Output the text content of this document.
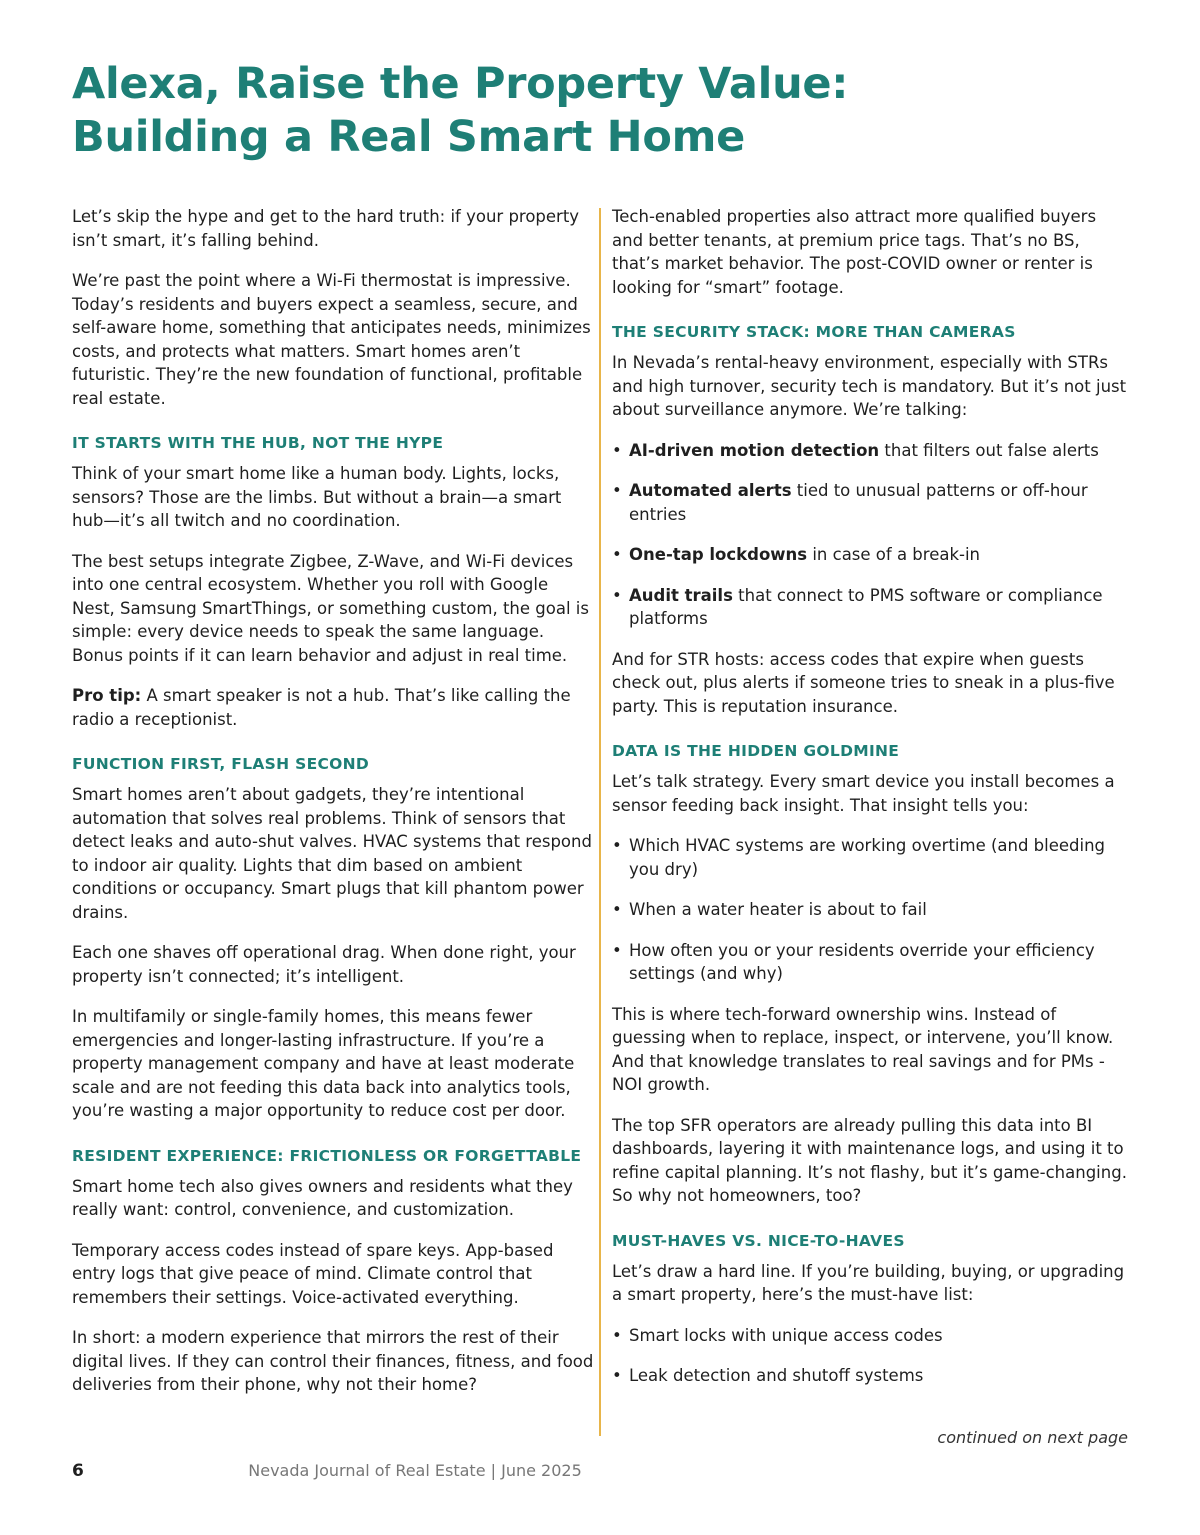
Alexa, Raise the Property Value:
Building a Real Smart Home

Let’s skip the hype and get to the hard truth: if your property isn’t smart, it’s falling behind.

We’re past the point where a Wi-Fi thermostat is impressive. Today’s residents and buyers expect a seamless, secure, and self-aware home, something that anticipates needs, minimizes costs, and protects what matters. Smart homes aren’t futuristic. They’re the new foundation of functional, profitable real estate.

IT STARTS WITH THE HUB, NOT THE HYPE

Think of your smart home like a human body. Lights, locks, sensors? Those are the limbs. But without a brain—a smart hub—it’s all twitch and no coordination.

The best setups integrate Zigbee, Z-Wave, and Wi-Fi devices into one central ecosystem. Whether you roll with Google Nest, Samsung SmartThings, or something custom, the goal is simple: every device needs to speak the same language. Bonus points if it can learn behavior and adjust in real time.

Pro tip: A smart speaker is not a hub. That’s like calling the radio a receptionist.

FUNCTION FIRST, FLASH SECOND

Smart homes aren’t about gadgets, they’re intentional automation that solves real problems. Think of sensors that detect leaks and auto-shut valves. HVAC systems that respond to indoor air quality. Lights that dim based on ambient conditions or occupancy. Smart plugs that kill phantom power drains.

Each one shaves off operational drag. When done right, your property isn’t connected; it’s intelligent.

In multifamily or single-family homes, this means fewer emergencies and longer-lasting infrastructure. If you’re a property management company and have at least moderate scale and are not feeding this data back into analytics tools, you’re wasting a major opportunity to reduce cost per door.

RESIDENT EXPERIENCE: FRICTIONLESS OR FORGETTABLE

Smart home tech also gives owners and residents what they really want: control, convenience, and customization.

Temporary access codes instead of spare keys. App-based entry logs that give peace of mind. Climate control that remembers their settings. Voice-activated everything.

In short: a modern experience that mirrors the rest of their digital lives. If they can control their finances, fitness, and food deliveries from their phone, why not their home?

Tech-enabled properties also attract more qualified buyers and better tenants, at premium price tags. That’s no BS, that’s market behavior. The post-COVID owner or renter is looking for “smart” footage.

THE SECURITY STACK: MORE THAN CAMERAS

In Nevada’s rental-heavy environment, especially with STRs and high turnover, security tech is mandatory. But it’s not just about surveillance anymore. We’re talking:

• AI-driven motion detection that filters out false alerts
• Automated alerts tied to unusual patterns or off-hour entries
• One-tap lockdowns in case of a break-in
• Audit trails that connect to PMS software or compliance platforms

And for STR hosts: access codes that expire when guests check out, plus alerts if someone tries to sneak in a plus-five party. This is reputation insurance.

DATA IS THE HIDDEN GOLDMINE

Let’s talk strategy. Every smart device you install becomes a sensor feeding back insight. That insight tells you:

• Which HVAC systems are working overtime (and bleeding you dry)
• When a water heater is about to fail
• How often you or your residents override your efficiency settings (and why)

This is where tech-forward ownership wins. Instead of guessing when to replace, inspect, or intervene, you’ll know. And that knowledge translates to real savings and for PMs - NOI growth.

The top SFR operators are already pulling this data into BI dashboards, layering it with maintenance logs, and using it to refine capital planning. It’s not flashy, but it’s game-changing. So why not homeowners, too?

MUST-HAVES VS. NICE-TO-HAVES

Let’s draw a hard line. If you’re building, buying, or upgrading a smart property, here’s the must-have list:

• Smart locks with unique access codes
• Leak detection and shutoff systems
continued on next page
6	Nevada Journal of Real Estate | June 2025
